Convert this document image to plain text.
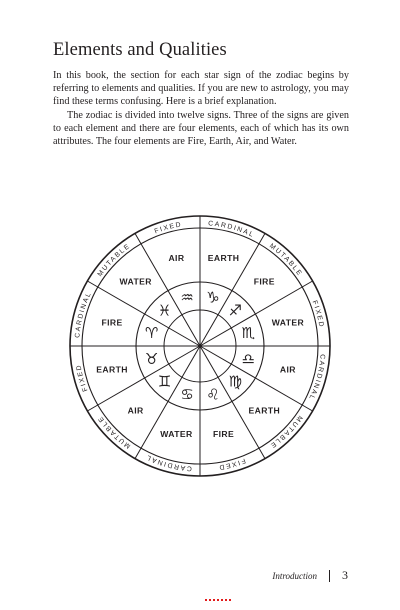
Elements and Qualities

In this book, the section for each star sign of the zodiac begins by referring to elements and qualities. If you are new to astrology, you may find these terms confusing. Here is a brief explanation.

The zodiac is divided into twelve signs. Three of the signs are given to each element and there are four elements, each of which has its own attributes. The four elements are Fire, Earth, Air, and Water.

CARDINAL
MUTABLE
FIXED
CARDINAL
MUTABLE
FIXED
CARDINAL
MUTABLE
FIXED
CARDINAL
MUTABLE
FIXED
EARTH
FIRE
WATER
AIR
EARTH
FIRE
WATER
AIR
EARTH
FIRE
WATER
AIR
♑
♐
♏
♎
♍
♌
♋
♊
♉
♈
♓
♒
Introduction 3
